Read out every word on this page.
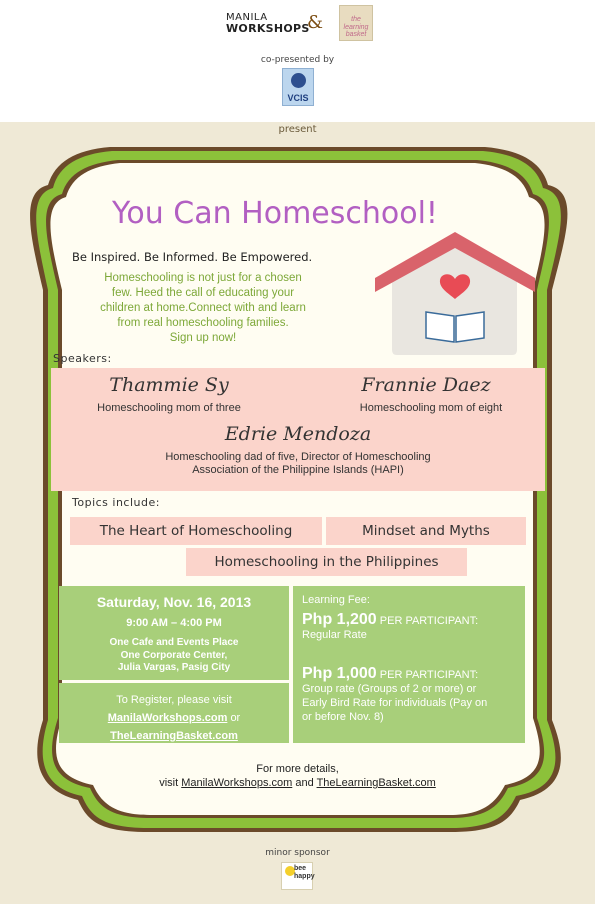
MANILA
WORKSHOPS
&	the learning basket
co-presented by
VCIS
present
You Can Homeschool!
Be Inspired. Be Informed. Be Empowered.
Homeschooling is not just for a chosen
few. Heed the call of educating your
children at home.Connect with and learn
from real homeschooling families.
Sign up now!
Speakers:
Thammie Sy
Homeschooling mom of three
Frannie Daez
Homeschooling mom of eight
Edrie Mendoza
Homeschooling dad of five, Director of Homeschooling
Association of the Philippine Islands (HAPI)
Topics include:
The Heart of Homeschooling	Mindset and Myths
Homeschooling in the Philippines
Saturday, Nov. 16, 2013
9:00 AM – 4:00 PM
One Cafe and Events Place
One Corporate Center,
Julia Vargas, Pasig City
To Register, please visit
ManilaWorkshops.com or
TheLearningBasket.com
Learning Fee:
Php 1,200 PER PARTICIPANT:
Regular Rate
Php 1,000 PER PARTICIPANT:
Group rate (Groups of 2 or more) or
Early Bird Rate for individuals (Pay on
or before Nov. 8)
For more details,
visit ManilaWorkshops.com and TheLearningBasket.com
minor sponsor
bee happy
